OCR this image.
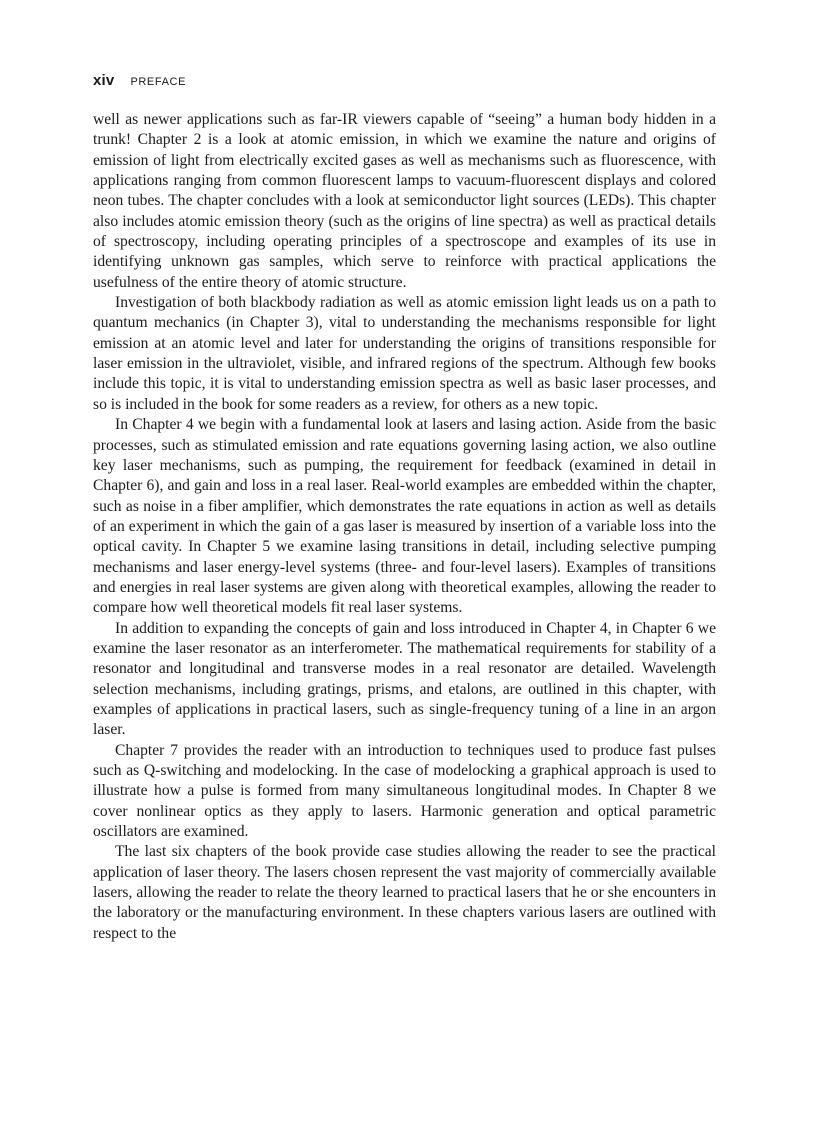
xiv PREFACE

well as newer applications such as far-IR viewers capable of “seeing” a human body hidden in a trunk! Chapter 2 is a look at atomic emission, in which we examine the nature and origins of emission of light from electrically excited gases as well as mechanisms such as fluorescence, with applications ranging from common fluorescent lamps to vacuum-fluorescent displays and colored neon tubes. The chapter concludes with a look at semiconductor light sources (LEDs). This chapter also includes atomic emission theory (such as the origins of line spectra) as well as practical details of spectroscopy, including operating principles of a spectroscope and examples of its use in identifying unknown gas samples, which serve to reinforce with practical applications the usefulness of the entire theory of atomic structure.

Investigation of both blackbody radiation as well as atomic emission light leads us on a path to quantum mechanics (in Chapter 3), vital to understanding the mechanisms responsible for light emission at an atomic level and later for understanding the origins of transitions responsible for laser emission in the ultraviolet, visible, and infrared regions of the spectrum. Although few books include this topic, it is vital to understanding emission spectra as well as basic laser processes, and so is included in the book for some readers as a review, for others as a new topic.

In Chapter 4 we begin with a fundamental look at lasers and lasing action. Aside from the basic processes, such as stimulated emission and rate equations governing lasing action, we also outline key laser mechanisms, such as pumping, the requirement for feedback (examined in detail in Chapter 6), and gain and loss in a real laser. Real-world examples are embedded within the chapter, such as noise in a fiber amplifier, which demonstrates the rate equations in action as well as details of an experiment in which the gain of a gas laser is measured by insertion of a variable loss into the optical cavity. In Chapter 5 we examine lasing transitions in detail, including selective pumping mechanisms and laser energy-level systems (three- and four-level lasers). Examples of transitions and energies in real laser systems are given along with theoretical examples, allowing the reader to compare how well theoretical models fit real laser systems.

In addition to expanding the concepts of gain and loss introduced in Chapter 4, in Chapter 6 we examine the laser resonator as an interferometer. The mathematical requirements for stability of a resonator and longitudinal and transverse modes in a real resonator are detailed. Wavelength selection mechanisms, including gratings, prisms, and etalons, are outlined in this chapter, with examples of applications in practical lasers, such as single-frequency tuning of a line in an argon laser.

Chapter 7 provides the reader with an introduction to techniques used to produce fast pulses such as Q-switching and modelocking. In the case of modelocking a graphical approach is used to illustrate how a pulse is formed from many simultaneous longitudinal modes. In Chapter 8 we cover nonlinear optics as they apply to lasers. Harmonic generation and optical parametric oscillators are examined.

The last six chapters of the book provide case studies allowing the reader to see the practical application of laser theory. The lasers chosen represent the vast majority of commercially available lasers, allowing the reader to relate the theory learned to practical lasers that he or she encounters in the laboratory or the manufacturing environment. In these chapters various lasers are outlined with respect to the
